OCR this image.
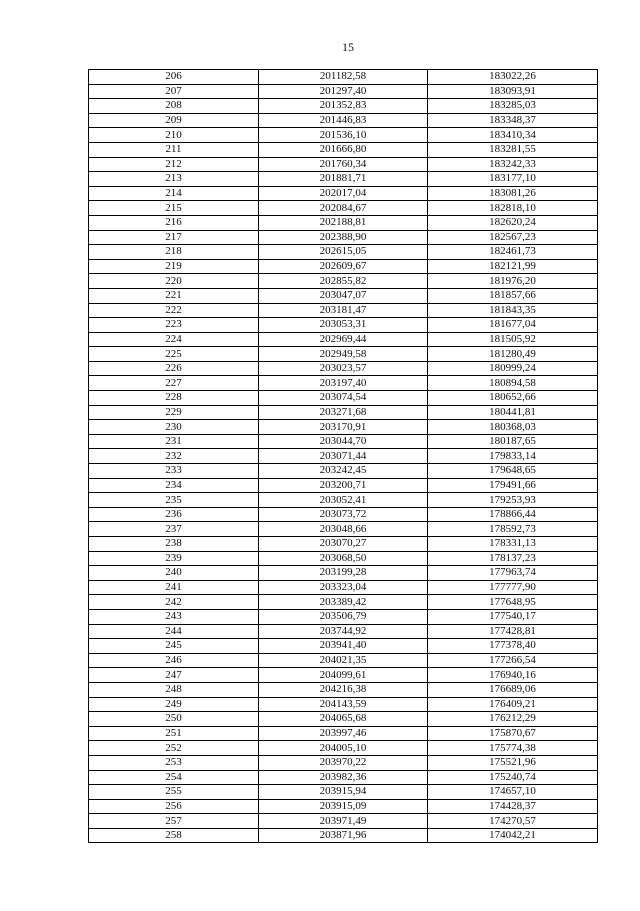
15
206	201182,58	183022,26
207	201297,40	183093,91
208	201352,83	183285,03
209	201446,83	183348,37
210	201536,10	183410,34
211	201666,80	183281,55
212	201760,34	183242,33
213	201881,71	183177,10
214	202017,04	183081,26
215	202084,67	182818,10
216	202188,81	182620,24
217	202388,90	182567,23
218	202615,05	182461,73
219	202609,67	182121,99
220	202855,82	181976,20
221	203047,07	181857,66
222	203181,47	181843,35
223	203053,31	181677,04
224	202969,44	181505,92
225	202949,58	181280,49
226	203023,57	180999,24
227	203197,40	180894,58
228	203074,54	180652,66
229	203271,68	180441,81
230	203170,91	180368,03
231	203044,70	180187,65
232	203071,44	179833,14
233	203242,45	179648,65
234	203200,71	179491,66
235	203052,41	179253,93
236	203073,72	178866,44
237	203048,66	178592,73
238	203070,27	178331,13
239	203068,50	178137,23
240	203199,28	177963,74
241	203323,04	177777,90
242	203389,42	177648,95
243	203506,79	177540,17
244	203744,92	177428,81
245	203941,40	177378,40
246	204021,35	177266,54
247	204099,61	176940,16
248	204216,38	176689,06
249	204143,59	176409,21
250	204065,68	176212,29
251	203997,46	175870,67
252	204005,10	175774,38
253	203970,22	175521,96
254	203982,36	175240,74
255	203915,94	174657,10
256	203915,09	174428,37
257	203971,49	174270,57
258	203871,96	174042,21
